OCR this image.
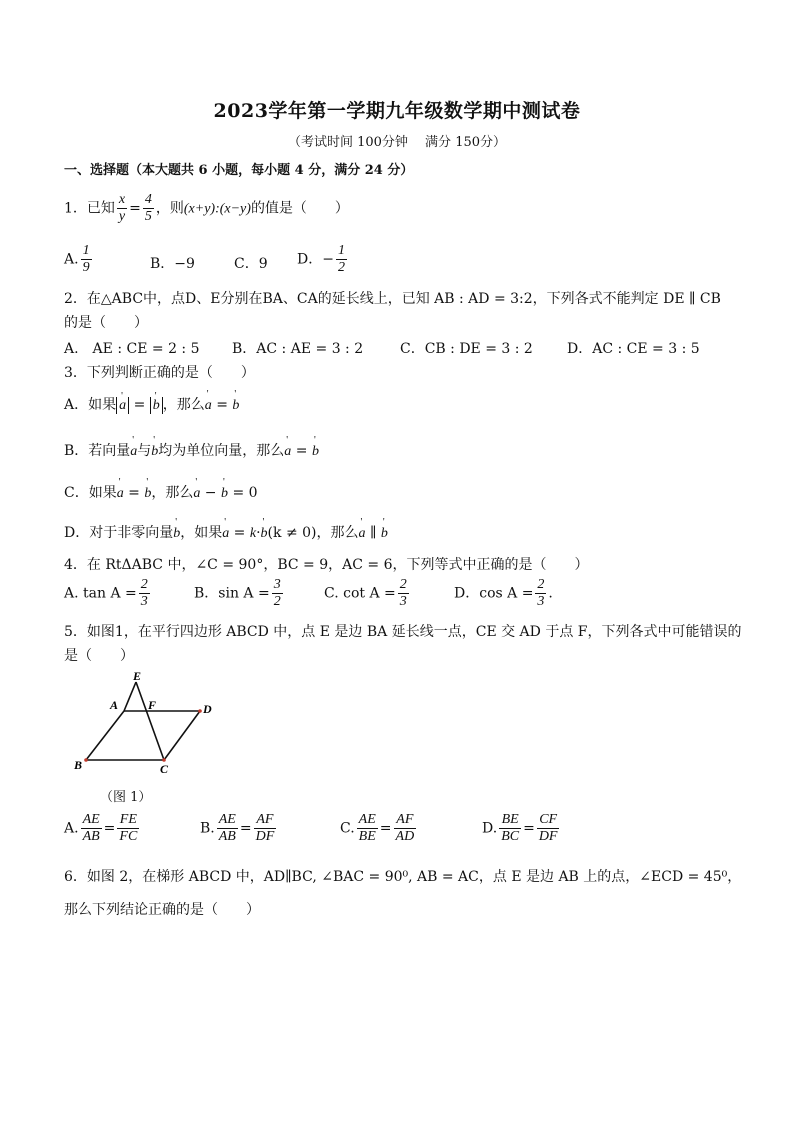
2023学年第一学期九年级数学期中测试卷
（考试时间 100分钟　 满分 150分）
一、选择题（本大题共 6 小题，每小题 4 分，满分 24 分）
1．已知 $\frac{x}{y} = \frac{4}{5}$ ，则(x+y):(x−y)的值是（　　）
A. $\frac{1}{9}$	B．−9	C．9 D．− $\frac{1}{2}$
2．在△ABC中，点D、E分别在BA、CA的延长线上，已知 AB : AD = 3:2，下列各式不能判定 DE ∥ CB
的是（　　）
A.　AE : CE = 2 : 5 B．AC : AE = 3 : 2	C．CB : DE = 3 : 2 D．AC : CE = 3 : 5
3．下列判断正确的是（　　）
A．如果' a = ' b ，那么' a = ' b
B．若向量' a与' b均为单位向量，那么' a = ' b
C．如果' a = ' b，那么' a − ' b = 0
D．对于非零向量' b，如果' a = k·' b(k ≠ 0)，那么' a ∥ ' b
4．在 RtΔABC 中，∠C = 90°，BC = 9，AC = 6，下列等式中正确的是（　　）
A. $\tan A = \frac{2}{3}$	B．$\sin A = \frac{3}{2}$	C. $\cot A = \frac{2}{3}$	D．$\cos A = \frac{2}{3}$ .
5．如图1，在平行四边形 ABCD 中，点 E 是边 BA 延长线一点，CE 交 AD 于点 F，下列各式中可能错误的
是（　　）
E
A F	D
B	C
（图 1）
A. $\frac{AE}{AB} = \frac{FE}{FC}$	B. $\frac{AE}{AB} = \frac{AF}{DF}$	C. $\frac{AE}{BE} = \frac{AF}{AD}$	D. $\frac{BE}{BC} = \frac{CF}{DF}$
6．如图 2，在梯形 ABCD 中，AD∥BC, ∠BAC = 90⁰, AB = AC，点 E 是边 AB 上的点，∠ECD = 45⁰，
那么下列结论正确的是（　　）
